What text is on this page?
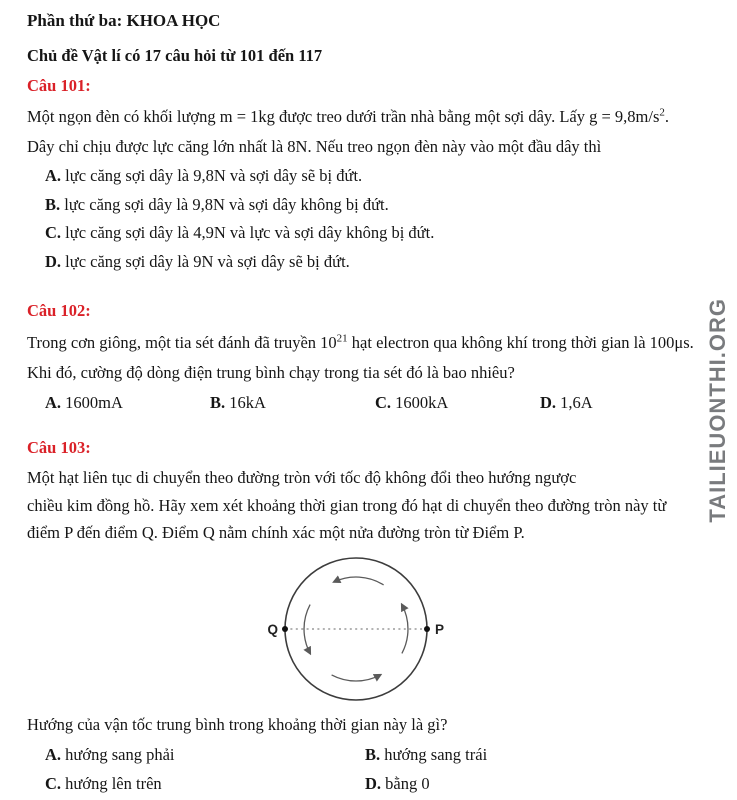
Phần thứ ba: KHOA HỌC
Chủ đề Vật lí có 17 câu hỏi từ 101 đến 117
Câu 101:
Một ngọn đèn có khối lượng m = 1kg được treo dưới trần nhà bằng một sợi dây. Lấy $g = 9,8m/s^2$.
Dây chỉ chịu được lực căng lớn nhất là 8N. Nếu treo ngọn đèn này vào một đầu dây thì
A. lực căng sợi dây là 9,8N và sợi dây sẽ bị đứt.
B. lực căng sợi dây là 9,8N và sợi dây không bị đứt.
C. lực căng sợi dây là 4,9N và lực và sợi dây không bị đứt.
D. lực căng sợi dây là 9N và sợi dây sẽ bị đứt.
Câu 102:
Trong cơn giông, một tia sét đánh đã truyền $10^{21}$ hạt electron qua không khí trong thời gian là 100μs.
Khi đó, cường độ dòng điện trung bình chạy trong tia sét đó là bao nhiêu?
A. 1600mA	B. 16kA	C. 1600kA	D. 1,6A
Câu 103:
Một hạt liên tục di chuyển theo đường tròn với tốc độ không đổi theo hướng ngược
chiều kim đồng hồ. Hãy xem xét khoảng thời gian trong đó hạt di chuyển theo đường tròn này từ
điểm P đến điểm Q. Điểm Q nằm chính xác một nửa đường tròn từ Điểm P.
Q	P
Hướng của vận tốc trung bình trong khoảng thời gian này là gì?
A. hướng sang phải	B. hướng sang trái
C. hướng lên trên	D. bằng 0
TAILIEUONTHI.ORG
